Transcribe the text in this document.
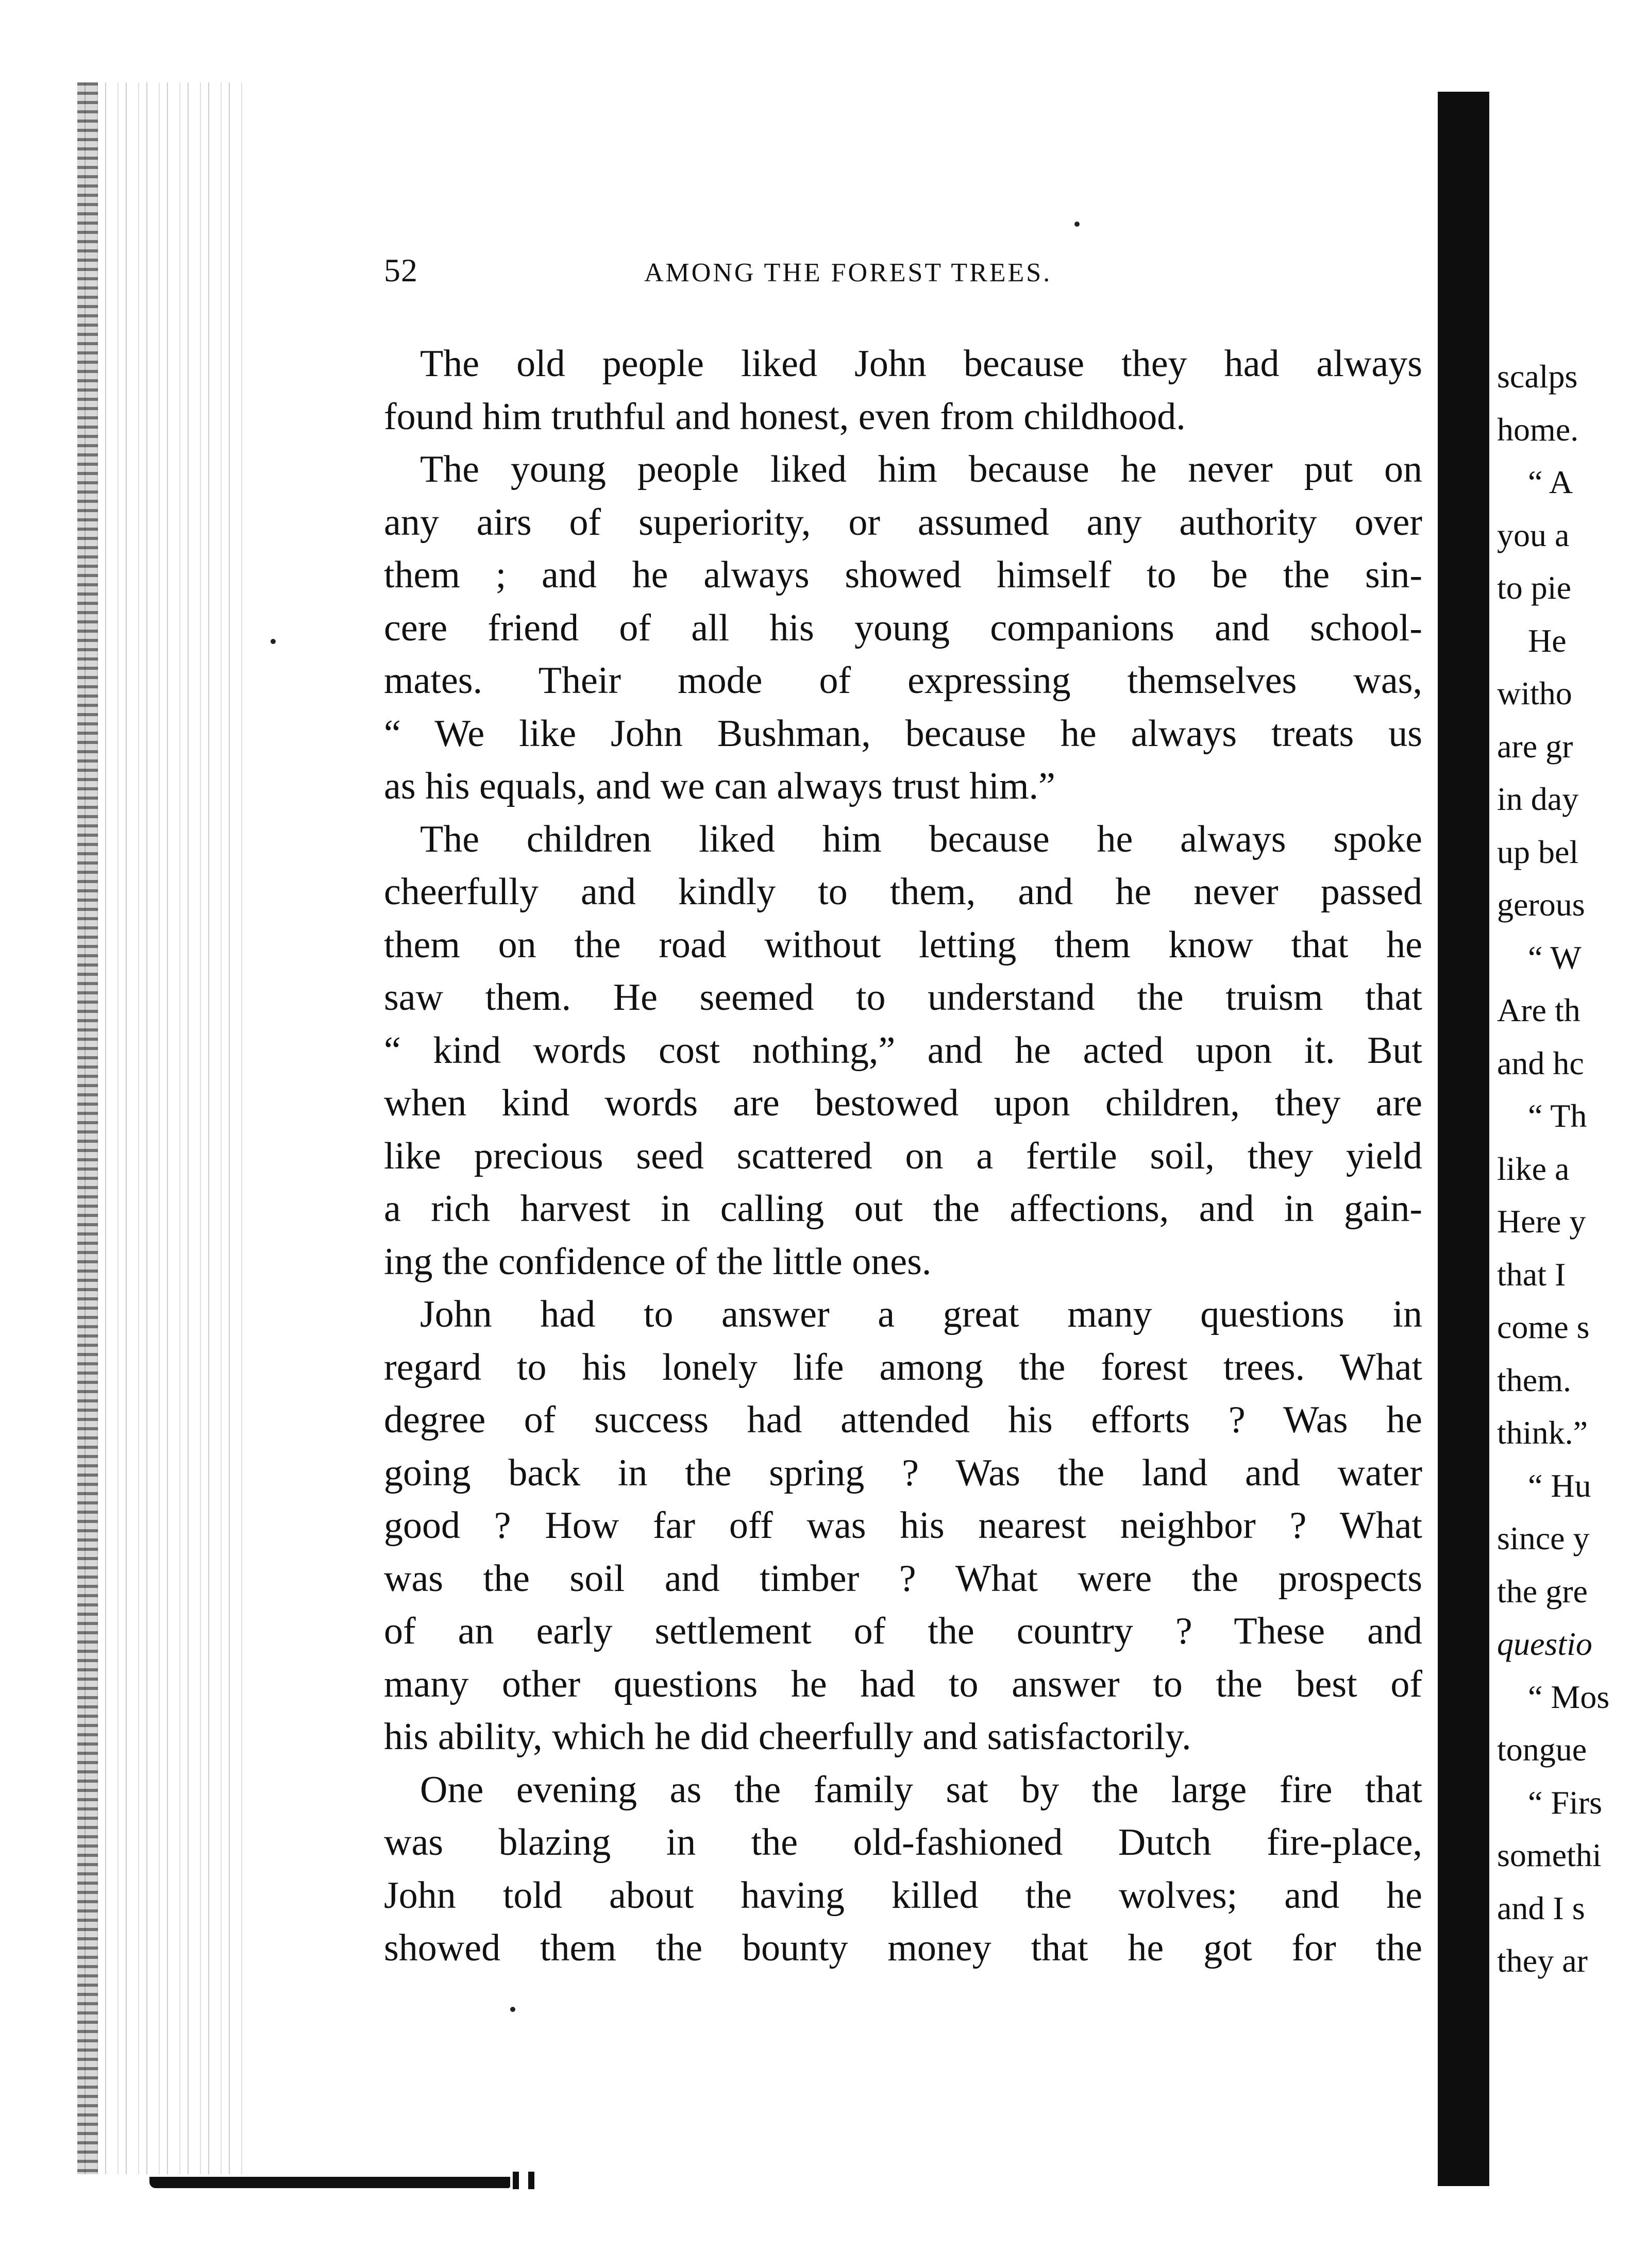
52	AMONG THE FOREST TREES.
The old people liked John because they had always
found him truthful and honest, even from childhood.
The young people liked him because he never put on
any airs of superiority, or assumed any authority over
them ; and he always showed himself to be the sin-
cere friend of all his young companions and school-
mates. Their mode of expressing themselves was,
“ We like John Bushman, because he always treats us
as his equals, and we can always trust him.”
The children liked him because he always spoke
cheerfully and kindly to them, and he never passed
them on the road without letting them know that he
saw them. He seemed to understand the truism that
“ kind words cost nothing,” and he acted upon it. But
when kind words are bestowed upon children, they are
like precious seed scattered on a fertile soil, they yield
a rich harvest in calling out the affections, and in gain-
ing the confidence of the little ones.
John had to answer a great many questions in
regard to his lonely life among the forest trees. What
degree of success had attended his efforts ? Was he
going back in the spring ? Was the land and water
good ? How far off was his nearest neighbor ? What
was the soil and timber ? What were the prospects
of an early settlement of the country ? These and
many other questions he had to answer to the best of
his ability, which he did cheerfully and satisfactorily.
One evening as the family sat by the large fire that
was blazing in the old-fashioned Dutch fire-place,
John told about having killed the wolves; and he
showed them the bounty money that he got for the
scalps
home.
“ A
you a
to pie
He
witho
are gr
in day
up bel
gerous
“ W
Are th
and hc
“ Th
like a
Here y
that I
come s
them.
think.”
“ Hu
since y
the gre
questio
“ Mos
tongue
“ Firs
somethi
and I s
they ar
